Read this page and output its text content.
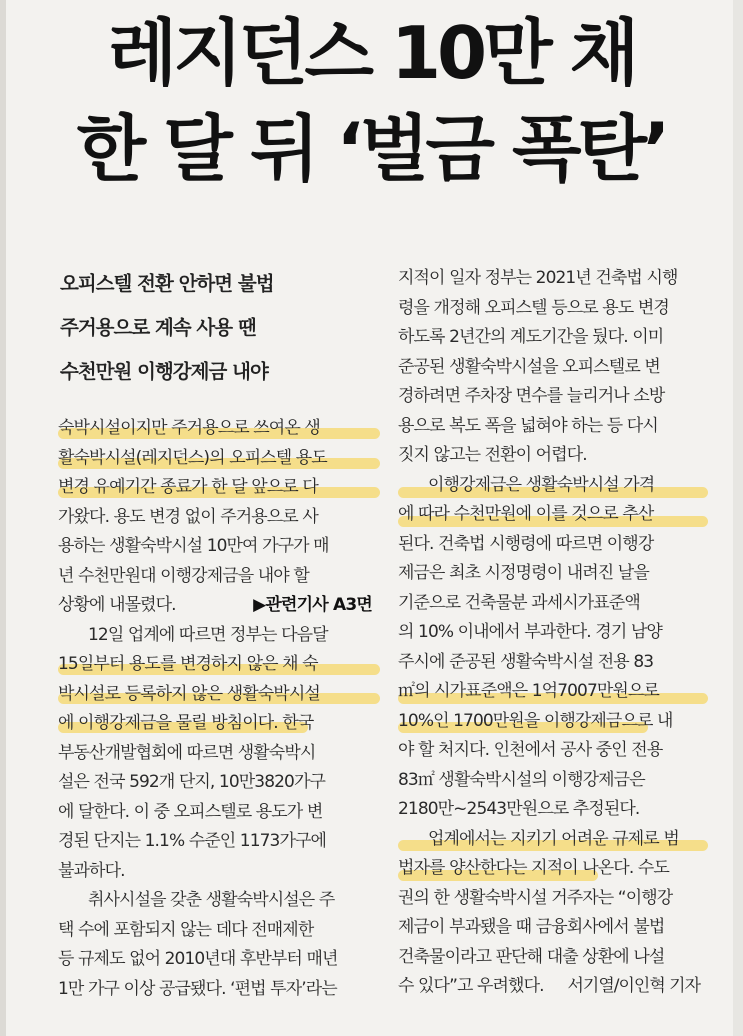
레지던스 10만 채
한 달 뒤 ‘벌금 폭탄’
오피스텔 전환 안하면 불법
주거용으로 계속 사용 땐
수천만원 이행강제금 내야
숙박시설이지만 주거용으로 쓰여온 생
활숙박시설(레지던스)의 오피스텔 용도
변경 유예기간 종료가 한 달 앞으로 다
가왔다. 용도 변경 없이 주거용으로 사
용하는 생활숙박시설 10만여 가구가 매
년 수천만원대 이행강제금을 내야 할
상황에 내몰렸다.	▶관련기사 A3면
12일 업계에 따르면 정부는 다음달
15일부터 용도를 변경하지 않은 채 숙
박시설로 등록하지 않은 생활숙박시설
에 이행강제금을 물릴 방침이다. 한국
부동산개발협회에 따르면 생활숙박시
설은 전국 592개 단지, 10만3820가구
에 달한다. 이 중 오피스텔로 용도가 변
경된 단지는 1.1% 수준인 1173가구에
불과하다.
취사시설을 갖춘 생활숙박시설은 주
택 수에 포함되지 않는 데다 전매제한
등 규제도 없어 2010년대 후반부터 매년
1만 가구 이상 공급됐다. ‘편법 투자’라는
지적이 일자 정부는 2021년 건축법 시행
령을 개정해 오피스텔 등으로 용도 변경
하도록 2년간의 계도기간을 뒀다. 이미
준공된 생활숙박시설을 오피스텔로 변
경하려면 주차장 면수를 늘리거나 소방
용으로 복도 폭을 넓혀야 하는 등 다시
짓지 않고는 전환이 어렵다.
이행강제금은 생활숙박시설 가격
에 따라 수천만원에 이를 것으로 추산
된다. 건축법 시행령에 따르면 이행강
제금은 최초 시정명령이 내려진 날을
기준으로 건축물분 과세시가표준액
의 10% 이내에서 부과한다. 경기 남양
주시에 준공된 생활숙박시설 전용 83
㎡의 시가표준액은 1억7007만원으로
10%인 1700만원을 이행강제금으로 내
야 할 처지다. 인천에서 공사 중인 전용
83㎡ 생활숙박시설의 이행강제금은
2180만~2543만원으로 추정된다.
업계에서는 지키기 어려운 규제로 범
법자를 양산한다는 지적이 나온다. 수도
권의 한 생활숙박시설 거주자는 “이행강
제금이 부과됐을 때 금융회사에서 불법
건축물이라고 판단해 대출 상환에 나설
수 있다”고 우려했다. 서기열/이인혁 기자
